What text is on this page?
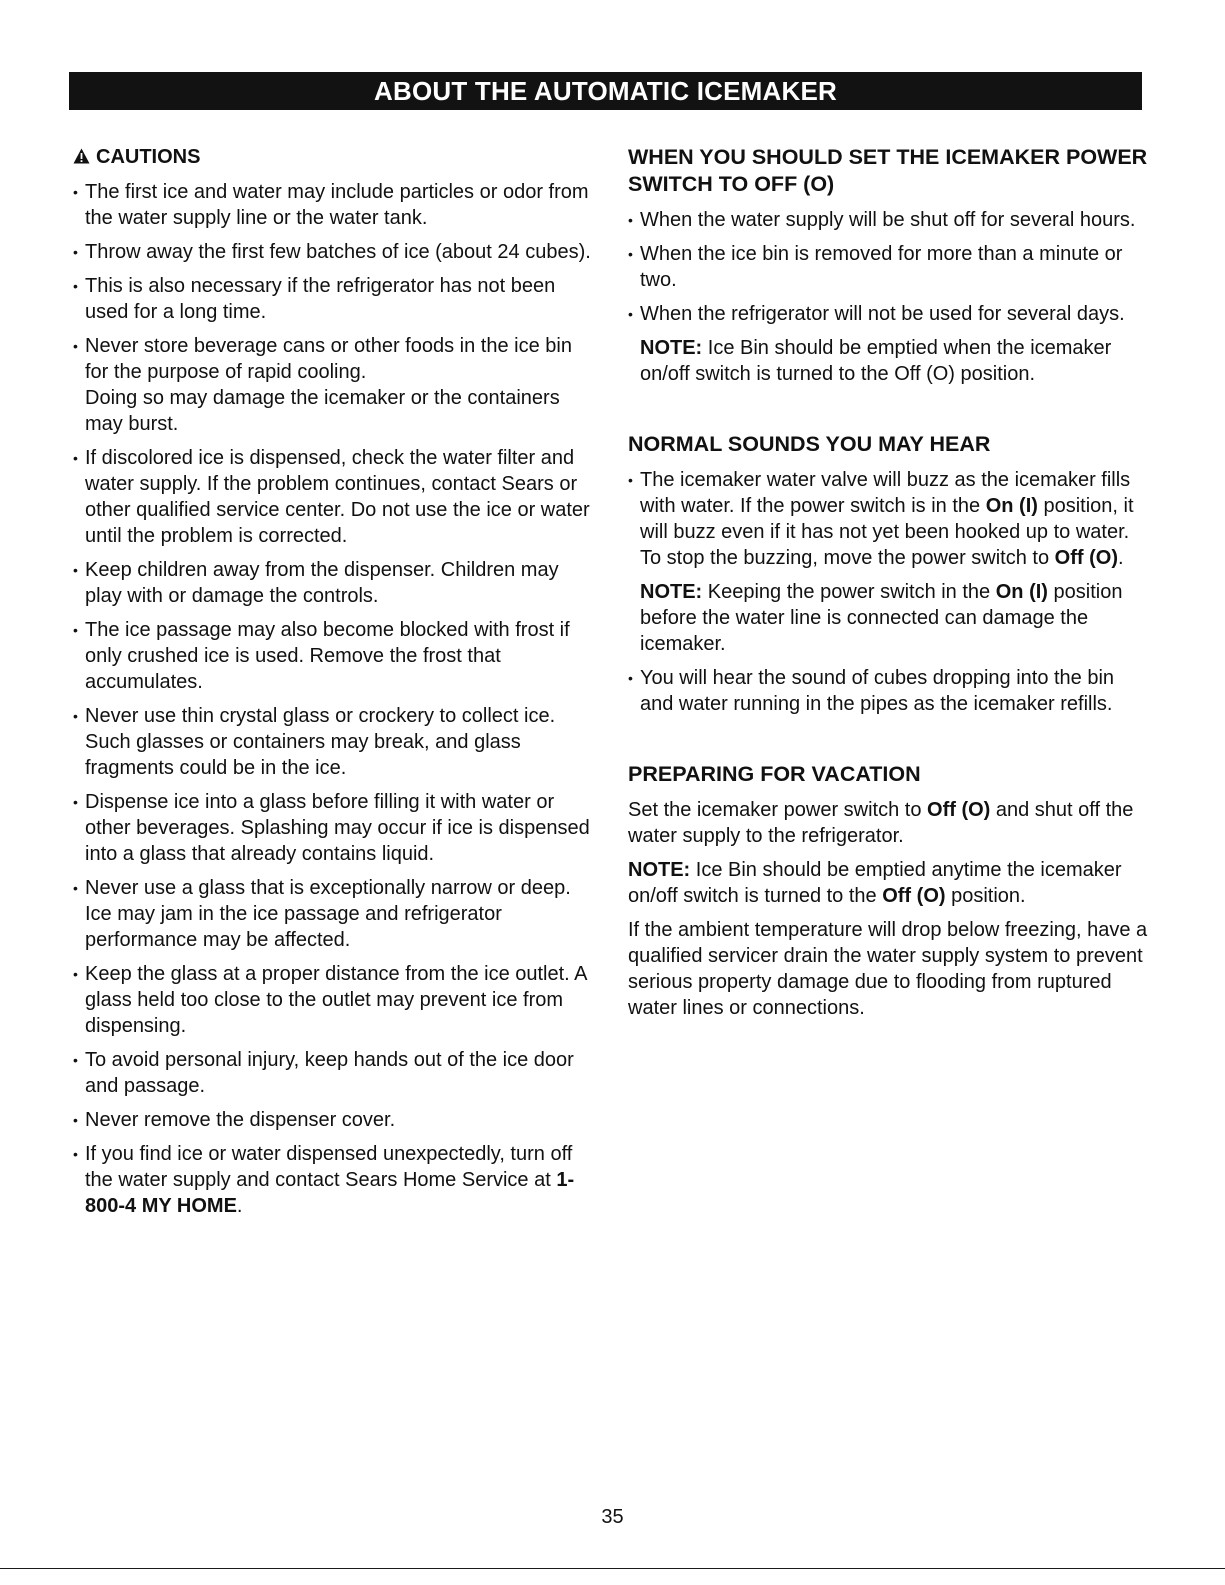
ABOUT THE AUTOMATIC ICEMAKER
CAUTIONS
• The first ice and water may include particles or odor from the water supply line or the water tank.
• Throw away the first few batches of ice (about 24 cubes).
• This is also necessary if the refrigerator has not been used for a long time.
• Never store beverage cans or other foods in the ice bin for the purpose of rapid cooling.
Doing so may damage the icemaker or the containers may burst.
• If discolored ice is dispensed, check the water filter and water supply. If the problem continues, contact Sears or other qualified service center. Do not use the ice or water until the problem is corrected.
• Keep children away from the dispenser. Children may play with or damage the controls.
• The ice passage may also become blocked with frost if only crushed ice is used. Remove the frost that accumulates.
• Never use thin crystal glass or crockery to collect ice. Such glasses or containers may break, and glass fragments could be in the ice.
• Dispense ice into a glass before filling it with water or other beverages. Splashing may occur if ice is dispensed into a glass that already contains liquid.
• Never use a glass that is exceptionally narrow or deep. Ice may jam in the ice passage and refrigerator performance may be affected.
• Keep the glass at a proper distance from the ice outlet. A glass held too close to the outlet may prevent ice from dispensing.
• To avoid personal injury, keep hands out of the ice door and passage.
• Never remove the dispenser cover.
• If you find ice or water dispensed unexpectedly, turn off the water supply and contact Sears Home Service at 1-800-4 MY HOME.
WHEN YOU SHOULD SET THE ICEMAKER POWER SWITCH TO OFF (O)
• When the water supply will be shut off for several hours.
• When the ice bin is removed for more than a minute or two.
• When the refrigerator will not be used for several days.
NOTE: Ice Bin should be emptied when the icemaker on/off switch is turned to the Off (O) position.
NORMAL SOUNDS YOU MAY HEAR
• The icemaker water valve will buzz as the icemaker fills with water. If the power switch is in the On (I) position, it will buzz even if it has not yet been hooked up to water. To stop the buzzing, move the power switch to Off (O).
NOTE: Keeping the power switch in the On (I) position before the water line is connected can damage the icemaker.
• You will hear the sound of cubes dropping into the bin and water running in the pipes as the icemaker refills.
PREPARING FOR VACATION
Set the icemaker power switch to Off (O) and shut off the water supply to the refrigerator.
NOTE: Ice Bin should be emptied anytime the icemaker on/off switch is turned to the Off (O) position.
If the ambient temperature will drop below freezing, have a qualified servicer drain the water supply system to prevent serious property damage due to flooding from ruptured water lines or connections.
35
